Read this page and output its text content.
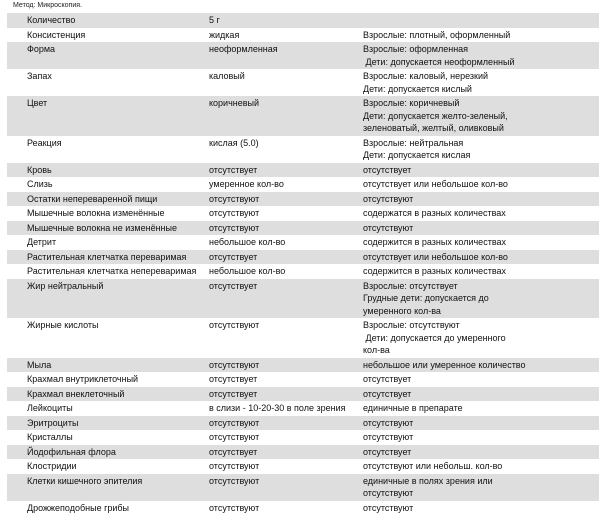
Метод: Микроскопия.
Количество	5 г	
Консистенция	жидкая	Взрослые: плотный, оформленный

Форма	неоформленная	Взрослые: оформленная
Дети: допускается неоформленный

Запах	каловый	Взрослые: каловый, нерезкий
Дети: допускается кислый

Цвет	коричневый	Взрослые: коричневый
Дети: допускается желто-зеленый,
зеленоватый, желтый, оливковый

Реакция	кислая (5.0)	Взрослые: нейтральная
Дети: допускается кислая

Кровь	отсутствует	отсутствует

Слизь	умеренное кол-во	отсутствует или небольшое кол-во

Остатки непереваренной пищи	отсутствуют	отсутствуют

Мышечные волокна изменённые	отсутствуют	содержатся в разных количествах

Мышечные волокна не изменённые	отсутствуют	отсутствуют

Детрит	небольшое кол-во	содержится в разных количествах

Растительная клетчатка переваримая	отсутствует	отсутствует или небольшое кол-во

Растительная клетчатка непереваримая	небольшое кол-во	содержится в разных количествах

Жир нейтральный	отсутствует	Взрослые: отсутствует
Грудные дети: допускается до
умеренного кол-ва

Жирные кислоты	отсутствуют	Взрослые: отсутствуют
Дети: допускается до умеренного
кол-ва

Мыла	отсутствуют	небольшое или умеренное количество

Крахмал внутриклеточный	отсутствует	отсутствует

Крахмал внеклеточный	отсутствует	отсутствует

Лейкоциты	в слизи - 10-20-30 в поле зрения	единичные в препарате

Эритроциты	отсутствуют	отсутствуют

Кристаллы	отсутствуют	отсутствуют

Йодофильная флора	отсутствует	отсутствует

Клостридии	отсутствуют	отсутствуют или небольш. кол-во

Клетки кишечного эпителия	отсутствуют	единичные в полях зрения или
отсутствуют

Дрожжеподобные грибы	отсутствуют	отсутствуют
